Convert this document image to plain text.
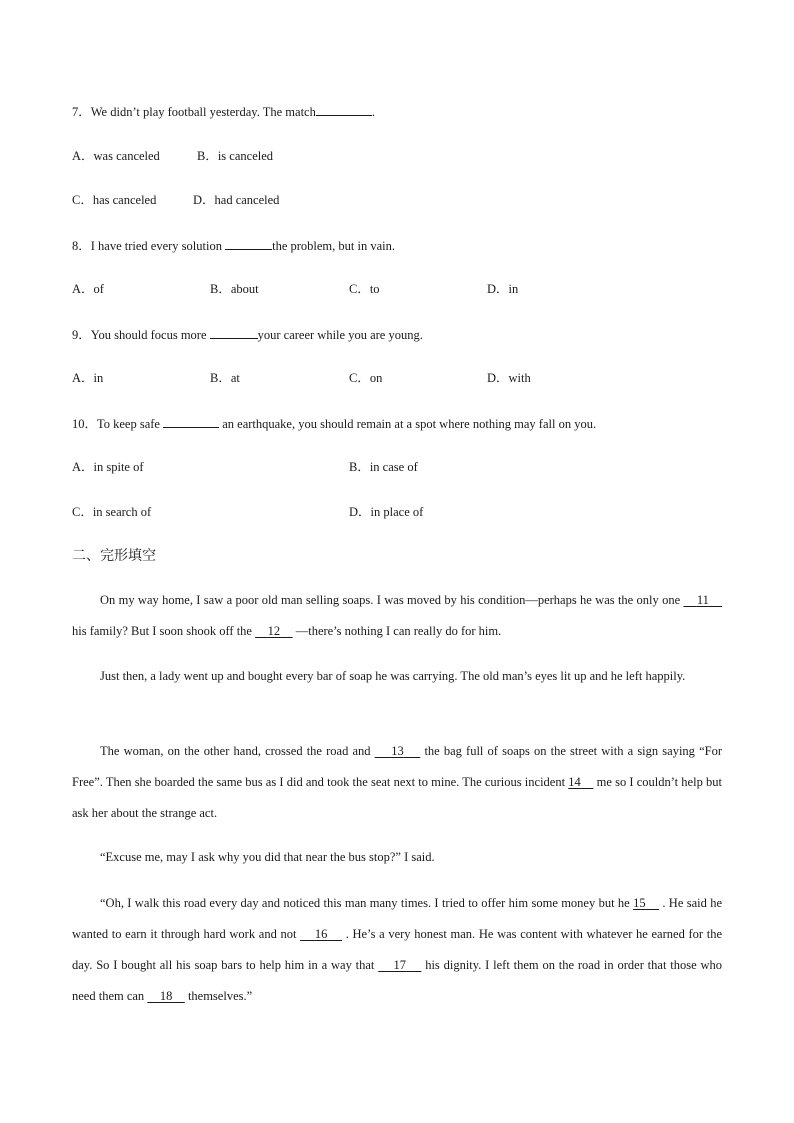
7．We didn’t play football yesterday. The match	.
A．was canceled	B．is canceled
C．has canceled	D．had canceled
8．I have tried every solution	the problem, but in vain.
A．of	B．about	C．to	D．in
9．You should focus more	your career while you are young.
A．in	B．at	C．on	D．with
10．To keep safe	an earthquake, you should remain at a spot where nothing may fall on you.
A．in spite of	B．in case of
C．in search of	D．in place of
二、完形填空
On my way home, I saw a poor old man selling soaps. I was moved by his condition—perhaps he was the only one     11     his family? But I soon shook off the     12     —there’s nothing I can really do for him.
Just then, a lady went up and bought every bar of soap he was carrying. The old man’s eyes lit up and he left happily.
The woman, on the other hand, crossed the road and     13     the bag full of soaps on the street with a sign saying “For Free”. Then she boarded the same bus as I did and took the seat next to mine. The curious incident 14     me so I couldn’t help but ask her about the strange act.
“Excuse me, may I ask why you did that near the bus stop?” I said.
“Oh, I walk this road every day and noticed this man many times. I tried to offer him some money but he 15     . He said he wanted to earn it through hard work and not     16     . He’s a very honest man. He was content with whatever he earned for the day. So I bought all his soap bars to help him in a way that     17     his dignity. I left them on the road in order that those who need them can     18     themselves.”
